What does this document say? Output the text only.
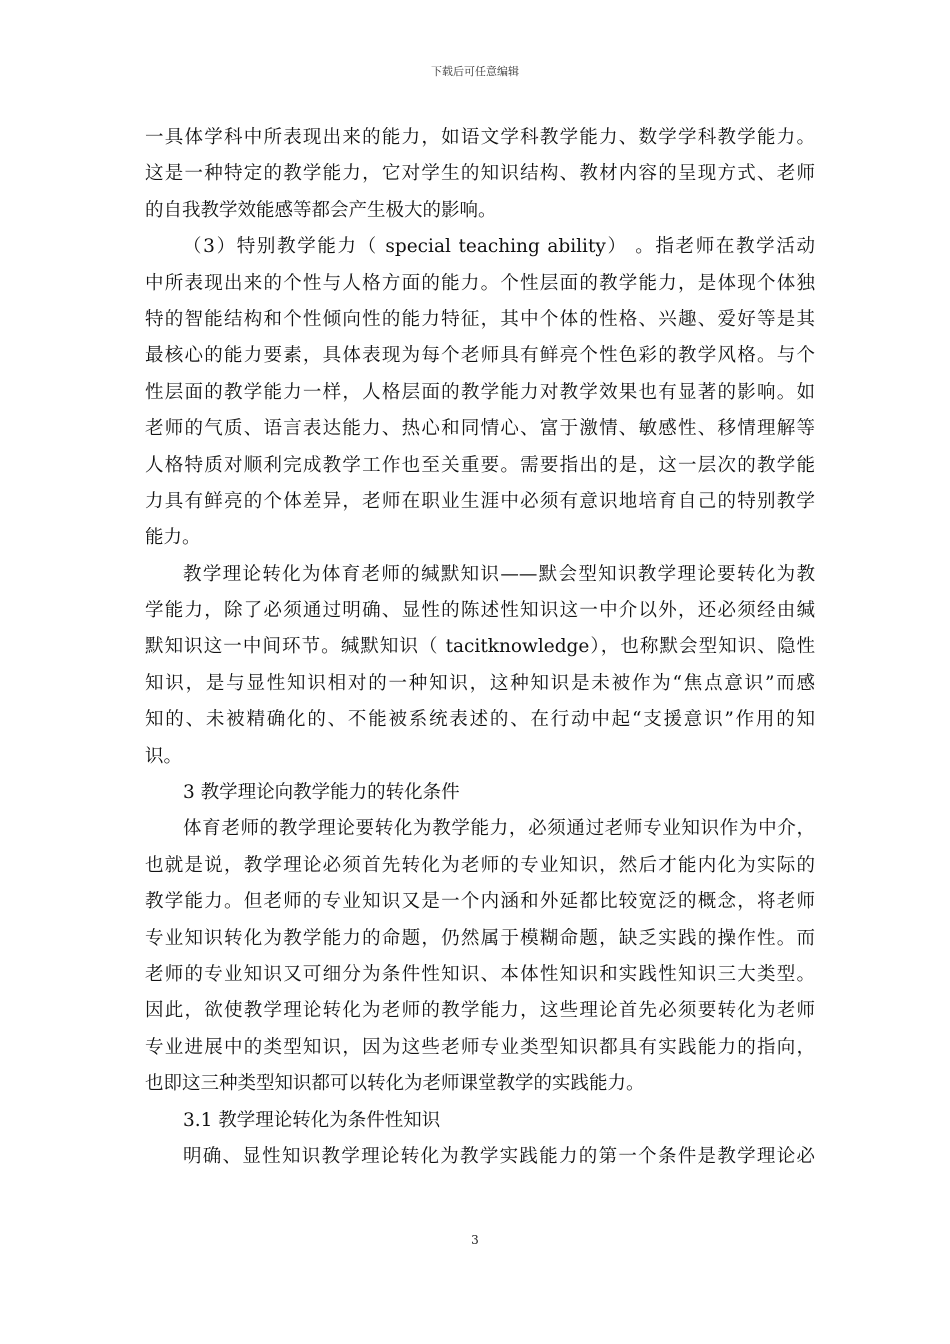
下载后可任意编辑
一具体学科中所表现出来的能力，如语文学科教学能力、数学学科教学能力。
这是一种特定的教学能力，它对学生的知识结构、教材内容的呈现方式、老师
的自我教学效能感等都会产生极大的影响。
（3）特别教学能力（ special teaching ability） 。指老师在教学活动
中所表现出来的个性与人格方面的能力。个性层面的教学能力，是体现个体独
特的智能结构和个性倾向性的能力特征，其中个体的性格、兴趣、爱好等是其
最核心的能力要素，具体表现为每个老师具有鲜亮个性色彩的教学风格。与个
性层面的教学能力一样，人格层面的教学能力对教学效果也有显著的影响。如
老师的气质、语言表达能力、热心和同情心、富于激情、敏感性、移情理解等
人格特质对顺利完成教学工作也至关重要。需要指出的是，这一层次的教学能
力具有鲜亮的个体差异，老师在职业生涯中必须有意识地培育自己的特别教学
能力。
教学理论转化为体育老师的缄默知识——默会型知识教学理论要转化为教
学能力，除了必须通过明确、显性的陈述性知识这一中介以外，还必须经由缄
默知识这一中间环节。缄默知识（ tacitknowledge），也称默会型知识、隐性
知识，是与显性知识相对的一种知识，这种知识是未被作为“焦点意识”而感
知的、未被精确化的、不能被系统表述的、在行动中起“支援意识”作用的知
识。
3 教学理论向教学能力的转化条件
体育老师的教学理论要转化为教学能力，必须通过老师专业知识作为中介，
也就是说，教学理论必须首先转化为老师的专业知识，然后才能内化为实际的
教学能力。但老师的专业知识又是一个内涵和外延都比较宽泛的概念，将老师
专业知识转化为教学能力的命题，仍然属于模糊命题，缺乏实践的操作性。而
老师的专业知识又可细分为条件性知识、本体性知识和实践性知识三大类型。
因此，欲使教学理论转化为老师的教学能力，这些理论首先必须要转化为老师
专业进展中的类型知识，因为这些老师专业类型知识都具有实践能力的指向，
也即这三种类型知识都可以转化为老师课堂教学的实践能力。
3.1 教学理论转化为条件性知识
明确、显性知识教学理论转化为教学实践能力的第一个条件是教学理论必
3
